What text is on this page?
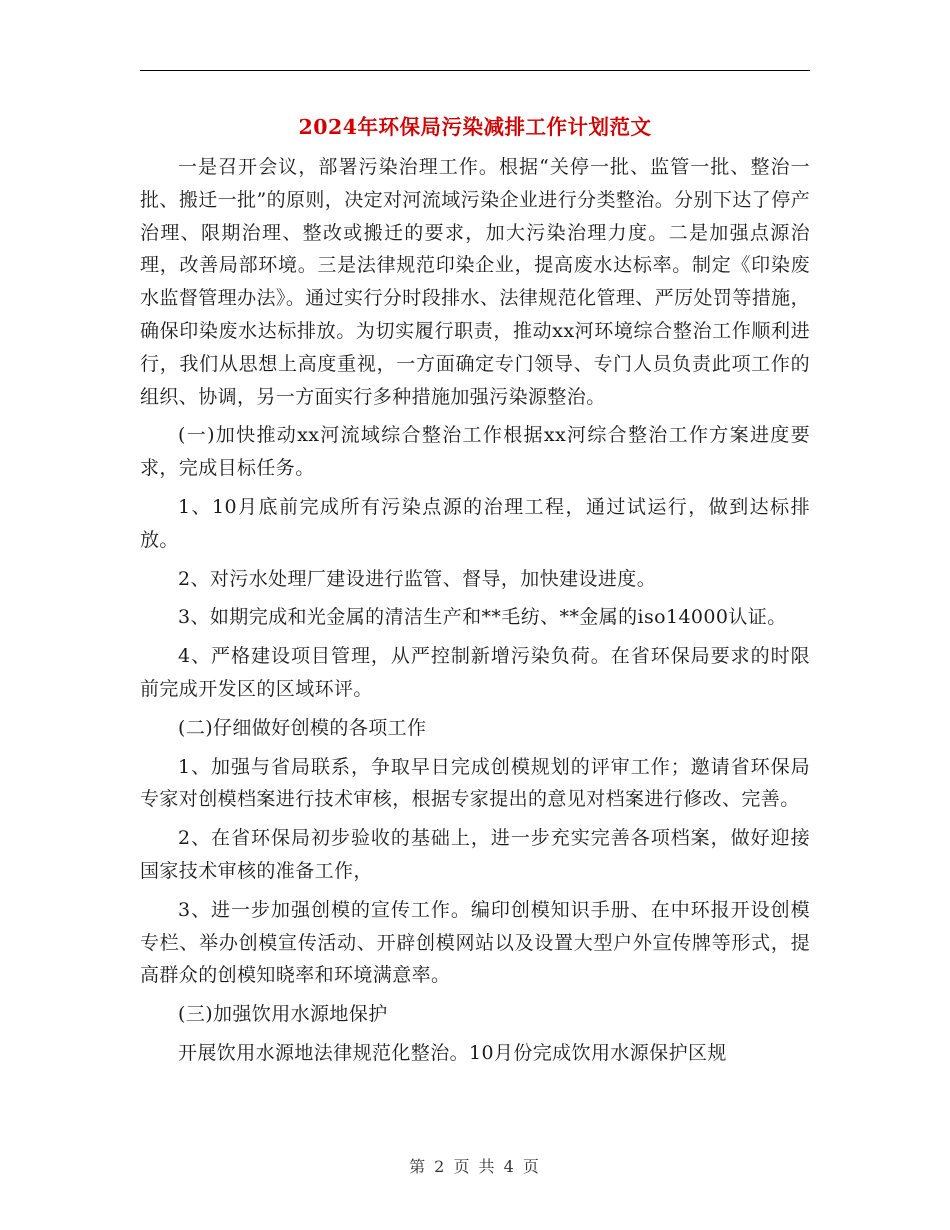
2024年环保局污染减排工作计划范文

一是召开会议，部署污染治理工作。根据“关停一批、监管一批、整治一批、搬迁一批”的原则，决定对河流域污染企业进行分类整治。分别下达了停产治理、限期治理、整改或搬迁的要求，加大污染治理力度。二是加强点源治理，改善局部环境。三是法律规范印染企业，提高废水达标率。制定《印染废水监督管理办法》。通过实行分时段排水、法律规范化管理、严厉处罚等措施，确保印染废水达标排放。为切实履行职责，推动xx河环境综合整治工作顺利进行，我们从思想上高度重视，一方面确定专门领导、专门人员负责此项工作的组织、协调，另一方面实行多种措施加强污染源整治。

(一)加快推动xx河流域综合整治工作根据xx河综合整治工作方案进度要求，完成目标任务。

1、10月底前完成所有污染点源的治理工程，通过试运行，做到达标排放。

2、对污水处理厂建设进行监管、督导，加快建设进度。

3、如期完成和光金属的清洁生产和**毛纺、**金属的iso14000认证。

4、严格建设项目管理，从严控制新增污染负荷。在省环保局要求的时限前完成开发区的区域环评。

(二)仔细做好创模的各项工作

1、加强与省局联系，争取早日完成创模规划的评审工作；邀请省环保局专家对创模档案进行技术审核，根据专家提出的意见对档案进行修改、完善。

2、在省环保局初步验收的基础上，进一步充实完善各项档案，做好迎接国家技术审核的准备工作，

3、进一步加强创模的宣传工作。编印创模知识手册、在中环报开设创模专栏、举办创模宣传活动、开辟创模网站以及设置大型户外宣传牌等形式，提高群众的创模知晓率和环境满意率。

(三)加强饮用水源地保护

开展饮用水源地法律规范化整治。10月份完成饮用水源保护区规

第 2 页 共 4 页
